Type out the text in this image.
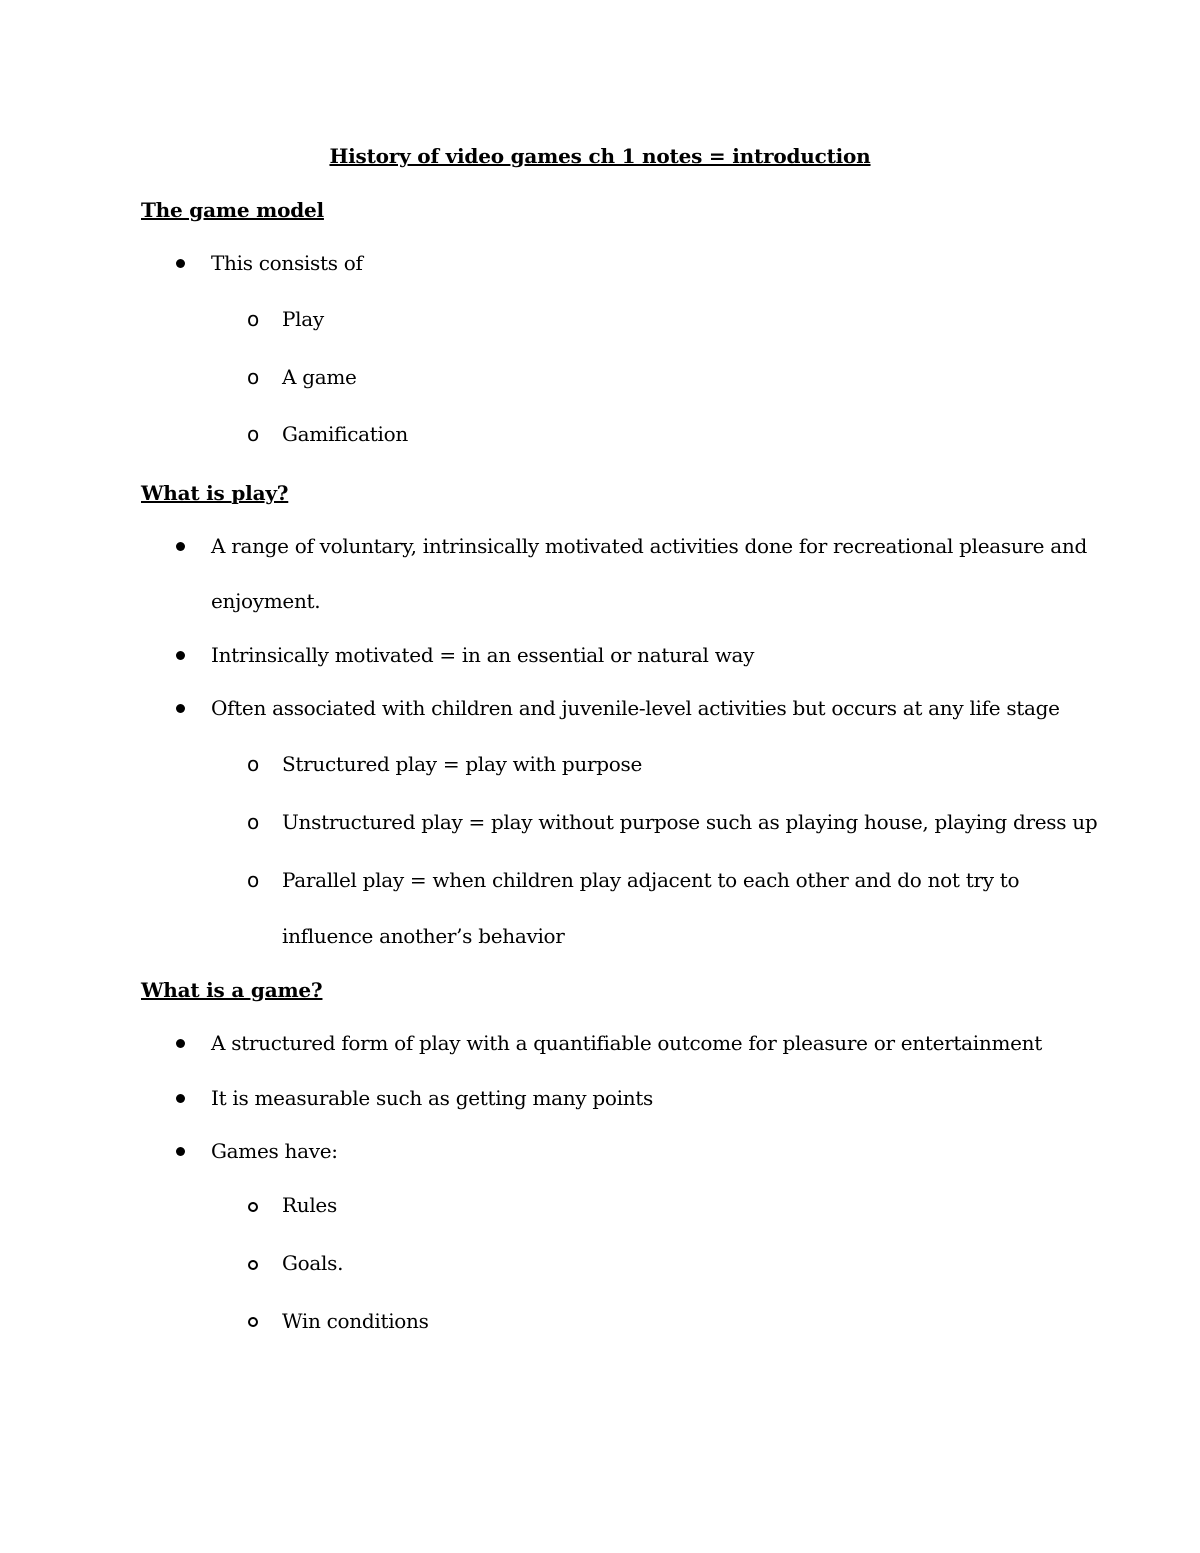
History of video games ch 1 notes = introduction
The game model
This consists of
o Play
o A game
o Gamification
What is play?
A range of voluntary, intrinsically motivated activities done for recreational pleasure and
enjoyment.
Intrinsically motivated = in an essential or natural way
Often associated with children and juvenile-level activities but occurs at any life stage
o Structured play = play with purpose
o Unstructured play = play without purpose such as playing house, playing dress up
o Parallel play = when children play adjacent to each other and do not try to
influence another’s behavior
What is a game?
A structured form of play with a quantifiable outcome for pleasure or entertainment
It is measurable such as getting many points
Games have:
Rules
Goals.
Win conditions
